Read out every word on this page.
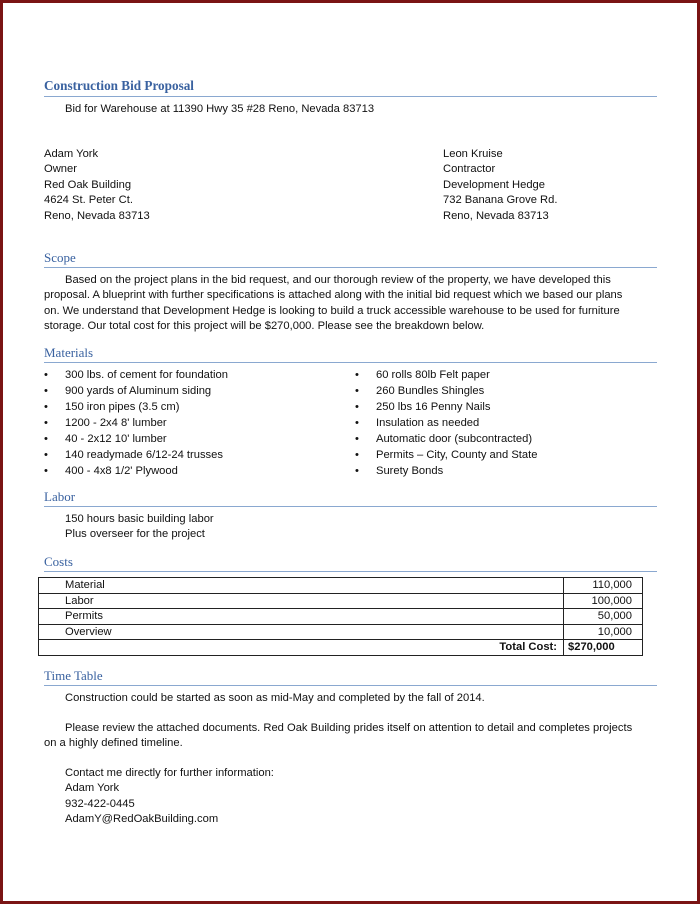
Construction Bid Proposal
Bid for Warehouse at 11390 Hwy 35 #28 Reno, Nevada 83713
Adam York
Owner
Red Oak Building
4624 St. Peter Ct.
Reno, Nevada 83713
Leon Kruise
Contractor
Development Hedge
732 Banana Grove Rd.
Reno, Nevada 83713
Scope
Based on the project plans in the bid request, and our thorough review of the property, we have developed this
proposal. A blueprint with further specifications is attached along with the initial bid request which we based our plans
on. We understand that Development Hedge is looking to build a truck accessible warehouse to be used for furniture
storage. Our total cost for this project will be $270,000. Please see the breakdown below.
Materials
• 300 lbs. of cement for foundation
• 900 yards of Aluminum siding
• 150 iron pipes (3.5 cm)
• 1200 - 2x4 8' lumber
• 40 - 2x12 10' lumber
• 140 readymade 6/12-24 trusses
• 400 - 4x8 1/2' Plywood
• 60 rolls 80lb Felt paper
• 260 Bundles Shingles
• 250 lbs 16 Penny Nails
• Insulation as needed
• Automatic door (subcontracted)
• Permits – City, County and State
• Surety Bonds
Labor
150 hours basic building labor
Plus overseer for the project
Costs
Material	110,000
Labor	100,000
Permits	50,000
Overview	10,000
Total Cost:	$270,000
Time Table
Construction could be started as soon as mid-May and completed by the fall of 2014.
Please review the attached documents. Red Oak Building prides itself on attention to detail and completes projects
on a highly defined timeline.
Contact me directly for further information:
Adam York
932-422-0445
AdamY@RedOakBuilding.com
